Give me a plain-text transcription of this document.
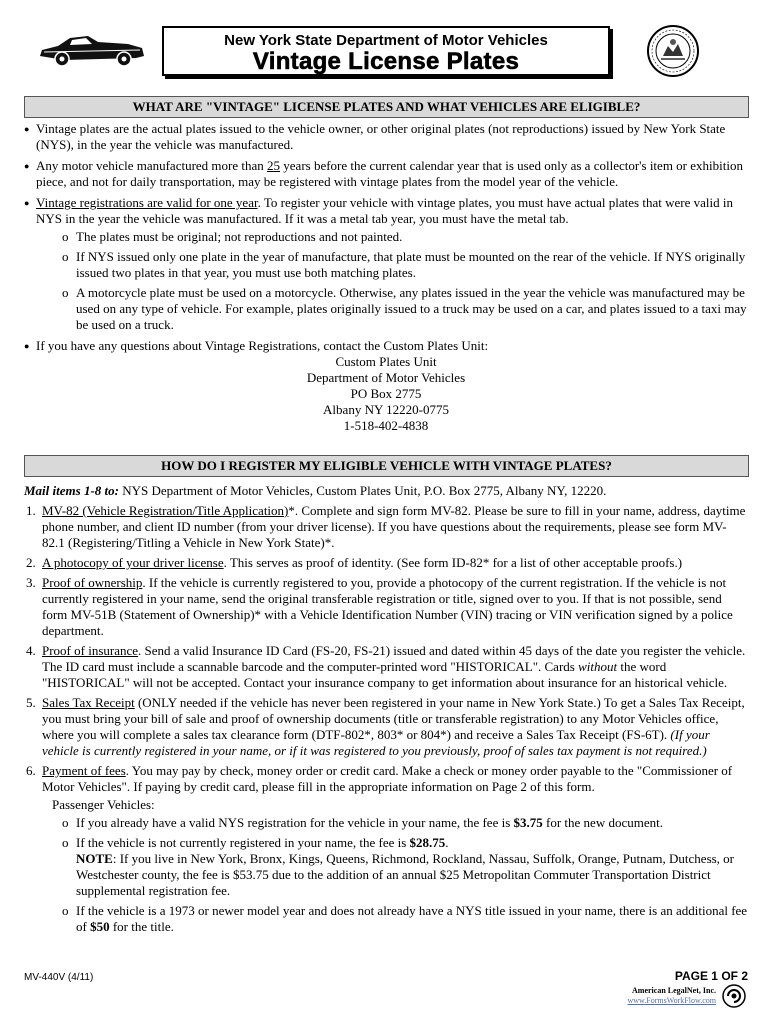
New York State Department of Motor Vehicles
Vintage License Plates
WHAT ARE "VINTAGE" LICENSE PLATES AND WHAT VEHICLES ARE ELIGIBLE?
● Vintage plates are the actual plates issued to the vehicle owner, or other original plates (not reproductions) issued by New York State (NYS), in the year the vehicle was manufactured.
● Any motor vehicle manufactured more than 25 years before the current calendar year that is used only as a collector's item or exhibition piece, and not for daily transportation, may be registered with vintage plates from the model year of the vehicle.
● Vintage registrations are valid for one year. To register your vehicle with vintage plates, you must have actual plates that were valid in NYS in the year the vehicle was manufactured. If it was a metal tab year, you must have the metal tab.
o The plates must be original; not reproductions and not painted.
o If NYS issued only one plate in the year of manufacture, that plate must be mounted on the rear of the vehicle. If NYS originally issued two plates in that year, you must use both matching plates.
o A motorcycle plate must be used on a motorcycle. Otherwise, any plates issued in the year the vehicle was manufactured may be used on any type of vehicle. For example, plates originally issued to a truck may be used on a car, and plates issued to a taxi may be used on a truck.
● If you have any questions about Vintage Registrations, contact the Custom Plates Unit:
Custom Plates Unit
Department of Motor Vehicles
PO Box 2775
Albany NY 12220-0775
1-518-402-4838
HOW DO I REGISTER MY ELIGIBLE VEHICLE WITH VINTAGE PLATES?
Mail items 1-8 to: NYS Department of Motor Vehicles, Custom Plates Unit, P.O. Box 2775, Albany NY, 12220.
1. MV-82 (Vehicle Registration/Title Application)*. Complete and sign form MV-82. Please be sure to fill in your name, address, daytime phone number, and client ID number (from your driver license). If you have questions about the requirements, please see form MV-82.1 (Registering/Titling a Vehicle in New York State)*.
2. A photocopy of your driver license. This serves as proof of identity. (See form ID-82* for a list of other acceptable proofs.)
3. Proof of ownership. If the vehicle is currently registered to you, provide a photocopy of the current registration. If the vehicle is not currently registered in your name, send the original transferable registration or title, signed over to you. If that is not possible, send form MV-51B (Statement of Ownership)* with a Vehicle Identification Number (VIN) tracing or VIN verification signed by a police department.
4. Proof of insurance. Send a valid Insurance ID Card (FS-20, FS-21) issued and dated within 45 days of the date you register the vehicle. The ID card must include a scannable barcode and the computer-printed word "HISTORICAL". Cards without the word "HISTORICAL" will not be accepted. Contact your insurance company to get information about insurance for an historical vehicle.
5. Sales Tax Receipt (ONLY needed if the vehicle has never been registered in your name in New York State.) To get a Sales Tax Receipt, you must bring your bill of sale and proof of ownership documents (title or transferable registration) to any Motor Vehicles office, where you will complete a sales tax clearance form (DTF-802*, 803* or 804*) and receive a Sales Tax Receipt (FS-6T). (If your vehicle is currently registered in your name, or if it was registered to you previously, proof of sales tax payment is not required.)
6. Payment of fees. You may pay by check, money order or credit card. Make a check or money order payable to the "Commissioner of Motor Vehicles". If paying by credit card, please fill in the appropriate information on Page 2 of this form.
Passenger Vehicles:
o If you already have a valid NYS registration for the vehicle in your name, the fee is $3.75 for the new document.
o If the vehicle is not currently registered in your name, the fee is $28.75.
NOTE: If you live in New York, Bronx, Kings, Queens, Richmond, Rockland, Nassau, Suffolk, Orange, Putnam, Dutchess, or Westchester county, the fee is $53.75 due to the addition of an annual $25 Metropolitan Commuter Transportation District supplemental registration fee.
o If the vehicle is a 1973 or newer model year and does not already have a NYS title issued in your name, there is an additional fee of $50 for the title.
MV-440V (4/11)	PAGE 1 OF 2
American LegalNet, Inc.
www.FormsWorkFlow.com
